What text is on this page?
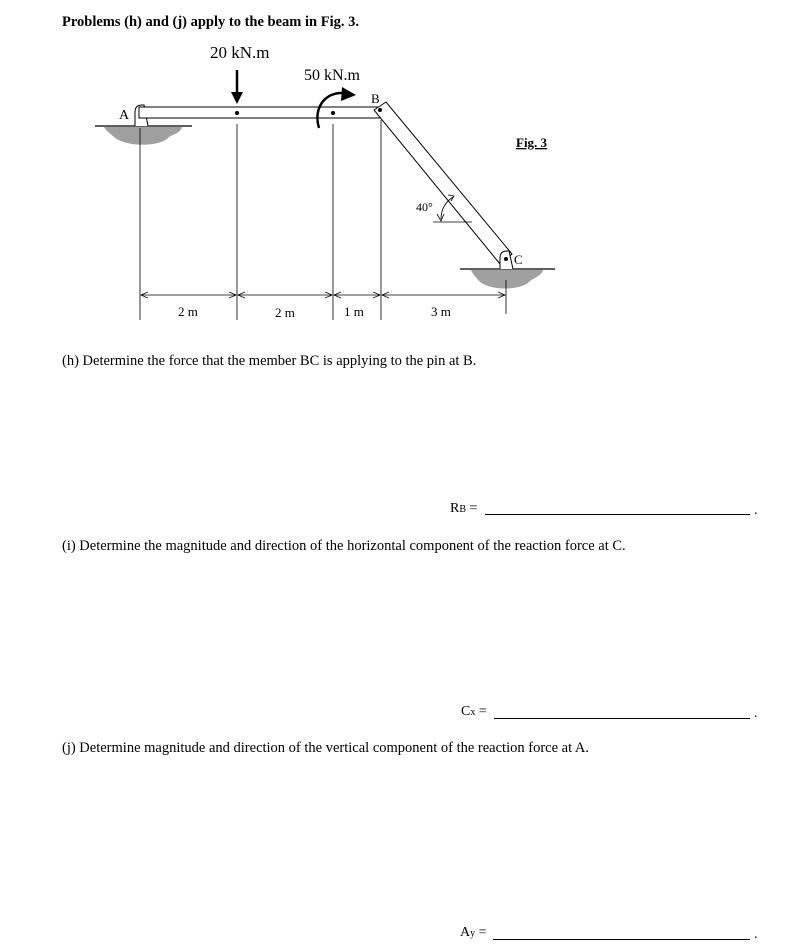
Problems (h) and (j) apply to the beam in Fig. 3.
20 kN.m
50 kN.m
A
B
C
40°
Fig. 3
2 m	2 m	1 m	3 m
(h) Determine the force that the member BC is applying to the pin at B.
RB =	.
(i) Determine the magnitude and direction of the horizontal component of the reaction force at C.
Cx =	.
(j) Determine magnitude and direction of the vertical component of the reaction force at A.
Ay =	.
